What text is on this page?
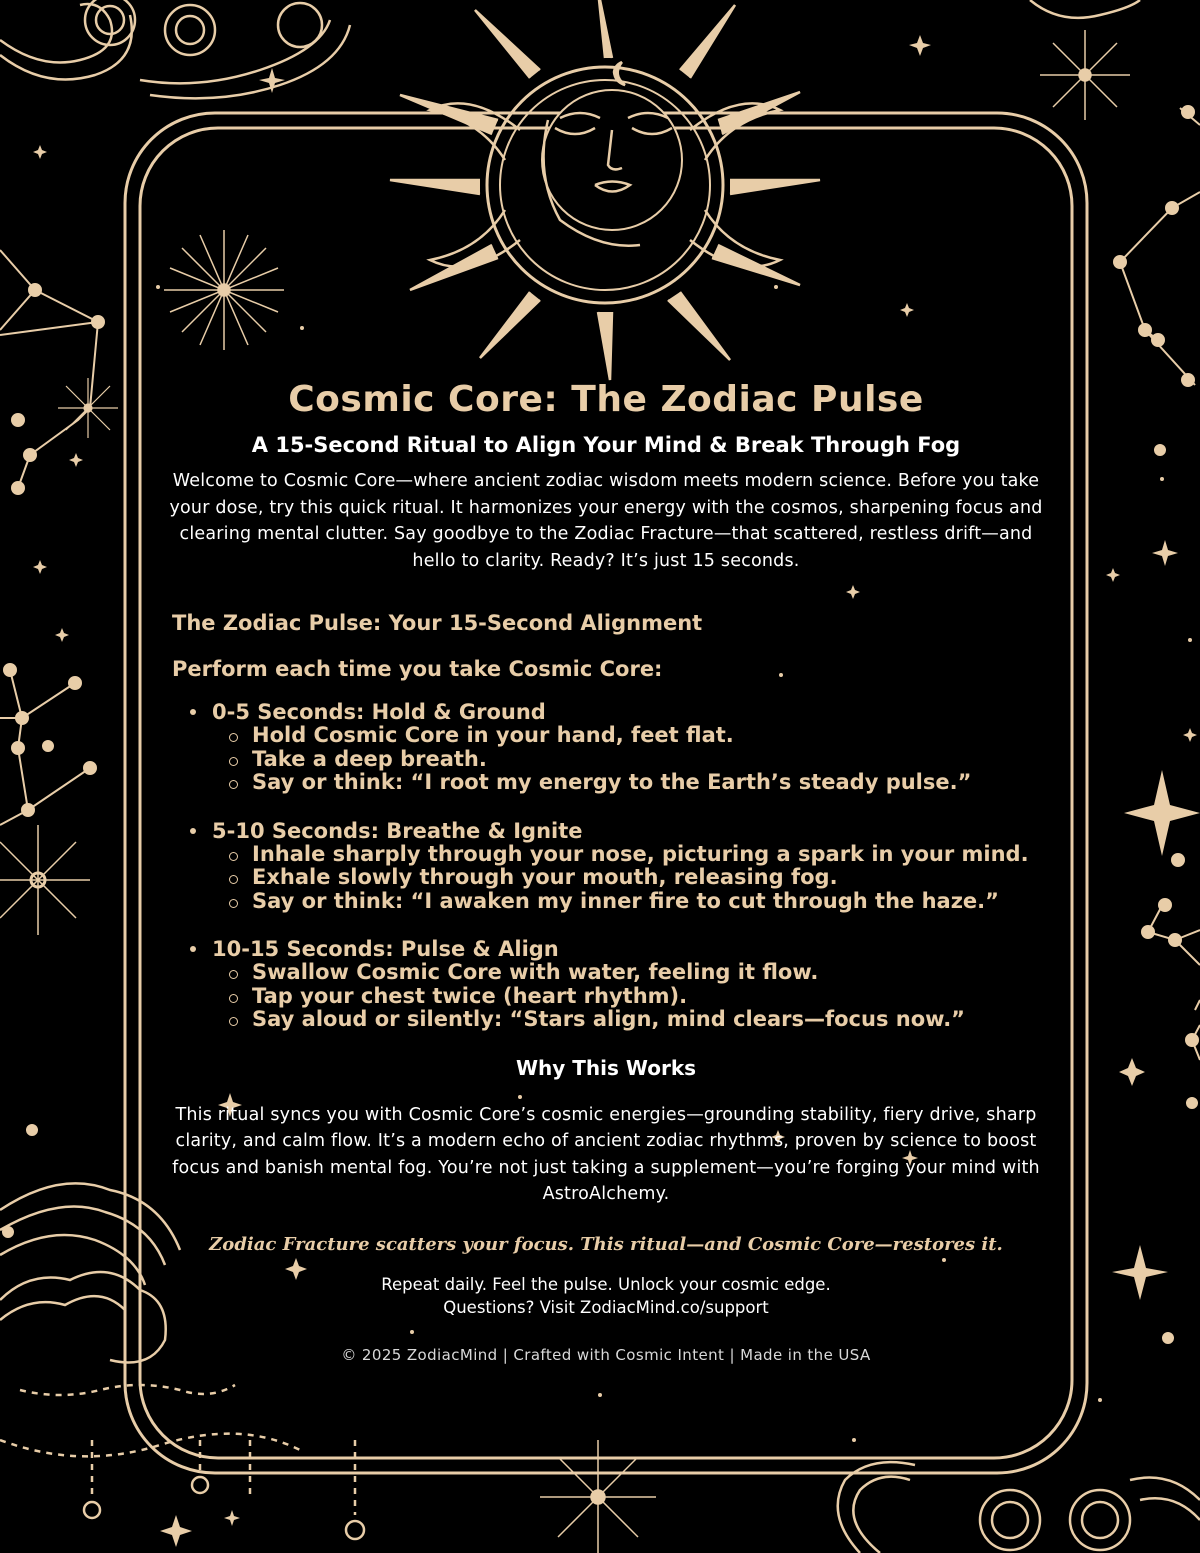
Cosmic Core: The Zodiac Pulse
A 15-Second Ritual to Align Your Mind & Break Through Fog

Welcome to Cosmic Core—where ancient zodiac wisdom meets modern science. Before you take your dose, try this quick ritual. It harmonizes your energy with the cosmos, sharpening focus and clearing mental clutter. Say goodbye to the Zodiac Fracture—that scattered, restless drift—and hello to clarity. Ready? It’s just 15 seconds.

The Zodiac Pulse: Your 15-Second Alignment
Perform each time you take Cosmic Core:
0-5 Seconds: Hold & Ground
Hold Cosmic Core in your hand, feet flat.
Take a deep breath.
Say or think: “I root my energy to the Earth’s steady pulse.”
5-10 Seconds: Breathe & Ignite
Inhale sharply through your nose, picturing a spark in your mind.
Exhale slowly through your mouth, releasing fog.
Say or think: “I awaken my inner fire to cut through the haze.”
10-15 Seconds: Pulse & Align
Swallow Cosmic Core with water, feeling it flow.
Tap your chest twice (heart rhythm).
Say aloud or silently: “Stars align, mind clears—focus now.”
Why This Works

This ritual syncs you with Cosmic Core’s cosmic energies—grounding stability, fiery drive, sharp clarity, and calm flow. It’s a modern echo of ancient zodiac rhythms, proven by science to boost focus and banish mental fog. You’re not just taking a supplement—you’re forging your mind with AstroAlchemy.

Zodiac Fracture scatters your focus. This ritual—and Cosmic Core—restores it.

Repeat daily. Feel the pulse. Unlock your cosmic edge.
Questions? Visit ZodiacMind.co/support
© 2025 ZodiacMind | Crafted with Cosmic Intent | Made in the USA
